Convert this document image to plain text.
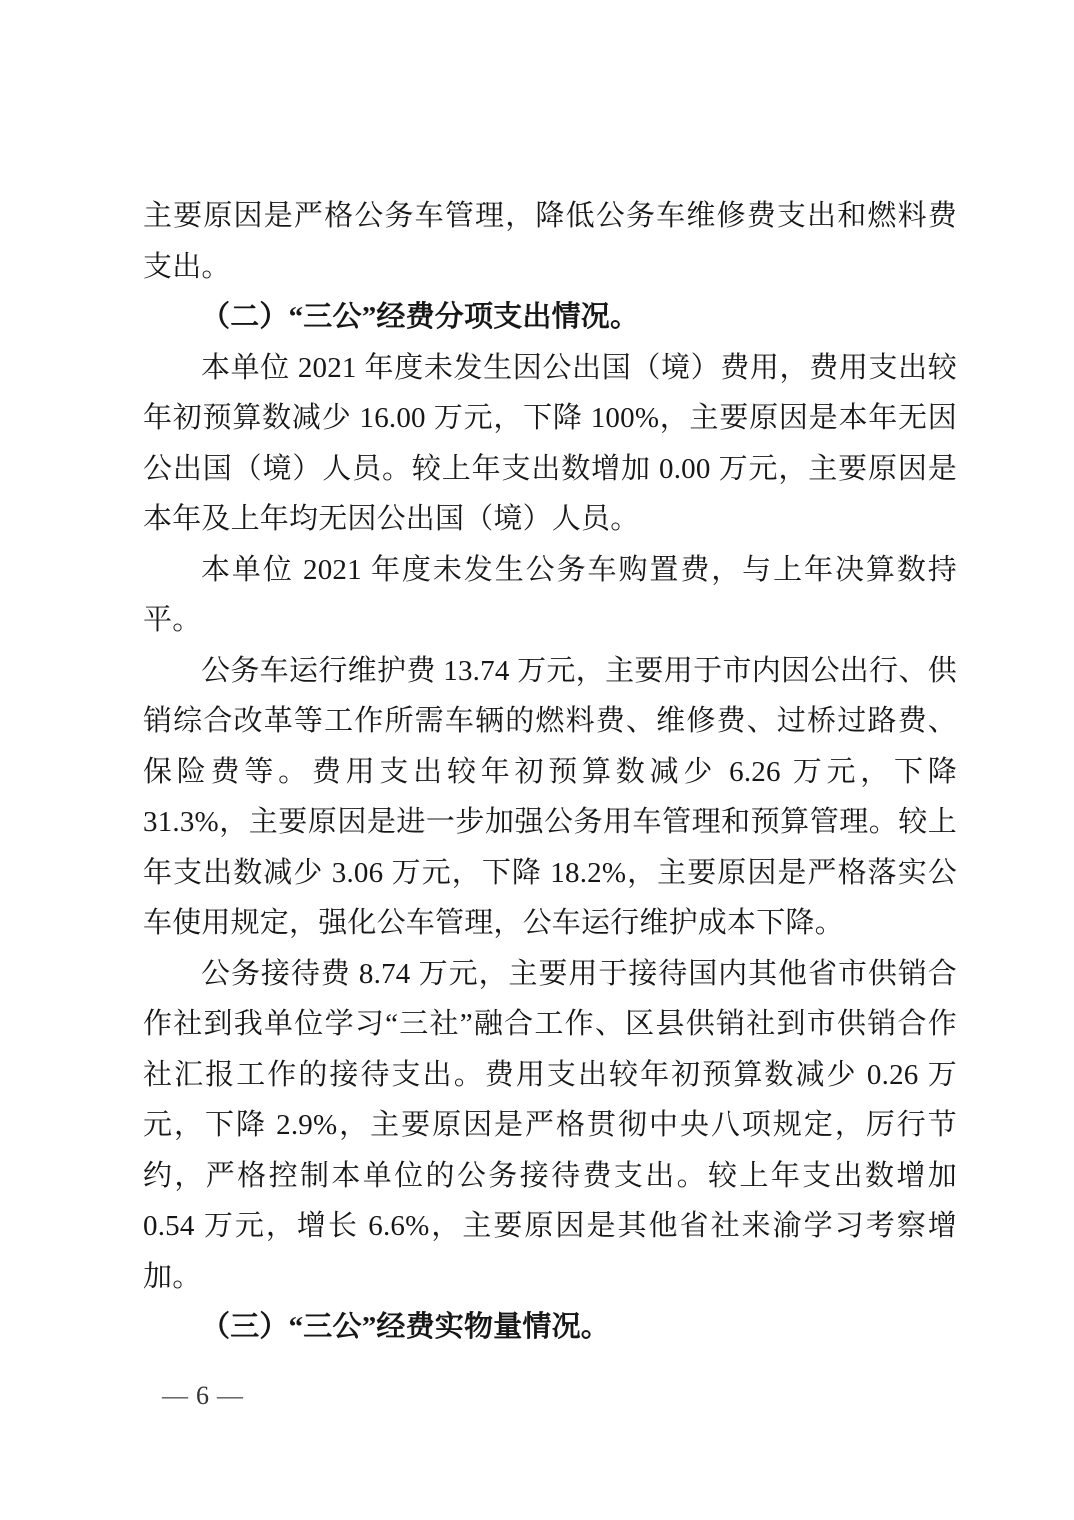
主要原因是严格公务车管理，降低公务车维修费支出和燃料费支出。

（二）“三公”经费分项支出情况。

本单位 2021 年度未发生因公出国（境）费用，费用支出较年初预算数减少 16.00 万元，下降 100%，主要原因是本年无因公出国（境）人员。较上年支出数增加 0.00 万元，主要原因是本年及上年均无因公出国（境）人员。

本单位 2021 年度未发生公务车购置费，与上年决算数持平。

公务车运行维护费 13.74 万元，主要用于市内因公出行、供销综合改革等工作所需车辆的燃料费、维修费、过桥过路费、保险费等。费用支出较年初预算数减少 6.26 万元，下降 31.3%，主要原因是进一步加强公务用车管理和预算管理。较上年支出数减少 3.06 万元，下降 18.2%，主要原因是严格落实公车使用规定，强化公车管理，公车运行维护成本下降。

公务接待费 8.74 万元，主要用于接待国内其他省市供销合作社到我单位学习“三社”融合工作、区县供销社到市供销合作社汇报工作的接待支出。费用支出较年初预算数减少 0.26 万元，下降 2.9%，主要原因是严格贯彻中央八项规定，厉行节约，严格控制本单位的公务接待费支出。较上年支出数增加 0.54 万元，增长 6.6%，主要原因是其他省社来渝学习考察增加。

（三）“三公”经费实物量情况。

— 6 —
